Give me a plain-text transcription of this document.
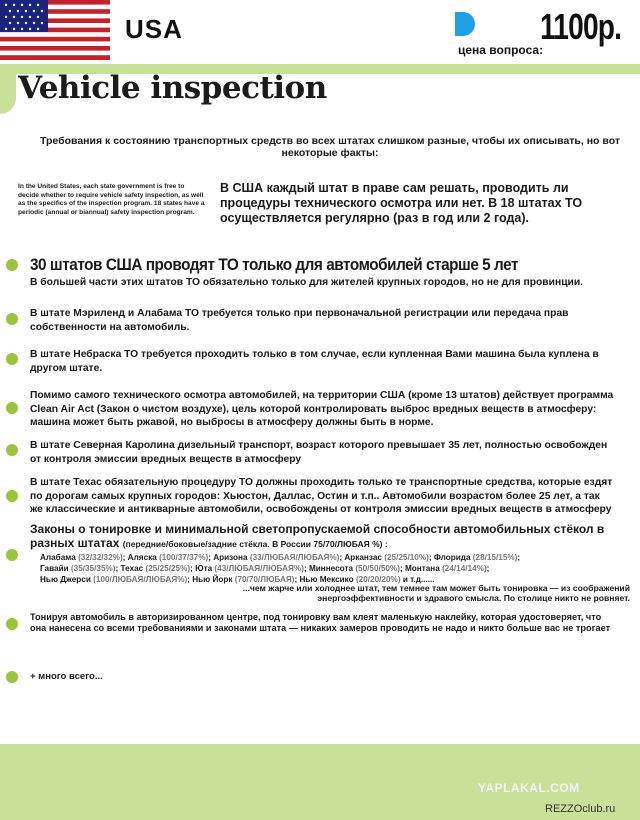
USA
цена вопроса:
1100р.
Vehicle inspection
Требования к состоянию транспортных средств во всех штатах слишком разные, чтобы их описывать, но вот некоторые факты:
In the United States, each state government is free to decide whether to require vehicle safety inspection, as well as the specifics of the inspection program. 18 states have a periodic (annual or biannual) safety inspection program.
В США каждый штат в праве сам решать, проводить ли процедуры технического осмотра или нет. В 18 штатах ТО осуществляется регулярно (раз в год или 2 года).
30 штатов США проводят ТО только для автомобилей старше 5 лет
В большей части этих штатов ТО обязательно только для жителей крупных городов, но не для провинции.
В штате Мэриленд и Алабама ТО требуется только при первоначальной регистрации или передача прав собственности на автомобиль.
В штате Небраска ТО требуется проходить только в том случае, если купленная Вами машина была куплена в другом штате.
Помимо самого технического осмотра автомобилей, на территории США (кроме 13 штатов) действует программа Clean Air Act (Закон о чистом воздухе), цель которой контролировать выброс вредных веществ в атмосферу: машина может быть ржавой, но выбросы в атмосферу должны быть в норме.
В штате Северная Каролина дизельный транспорт, возраст которого превышает 35 лет, полностью освобожден от контроля эмиссии вредных веществ в атмосферу
В штате Техас обязательную процедуру ТО должны проходить только те транспортные средства, которые ездят по дорогам самых крупных городов: Хьюстон, Даллас, Остин и т.п.. Автомобили возрастом более 25 лет, а так же классические и антикварные автомобили, освобождены от контроля эмиссии вредных веществ в атмосферу
Законы о тонировке и минимальной светопропускаемой способности автомобильных стёкол в разных штатах (передние/боковые/задние стёкла. В России 75/70/ЛЮБАЯ %) :
Алабама (32/32/32%); Аляска (100/37/37%); Аризона (33/ЛЮБАЯ/ЛЮБАЯ%); Арканзас (25/25/10%); Флорида (28/15/15%);
Гавайи (35/35/35%); Техас (25/25/25%); Юта (43/ЛЮБАЯ/ЛЮБАЯ%); Миннесота (50/50/50%); Монтана (24/14/14%);
Нью Джерси (100/ЛЮБАЯ/ЛЮБАЯ%); Нью Йорк (70/70/ЛЮБАЯ); Нью Мексико (20/20/20%) и т.д......
...чем жарче или холоднее штат, тем темнее там может быть тонировка — из соображений энергоэффективности и здравого смысла. По столице никто не ровняет.
Тонируя автомобиль в авторизированном центре, под тонировку вам клеят маленькую наклейку, которая удостоверяет, что она нанесена со всеми требованиями и законами штата — никаких замеров проводить не надо и никто больше вас не трогает
+ много всего...
YAPLAKAL.COM
REZZOclub.ru
